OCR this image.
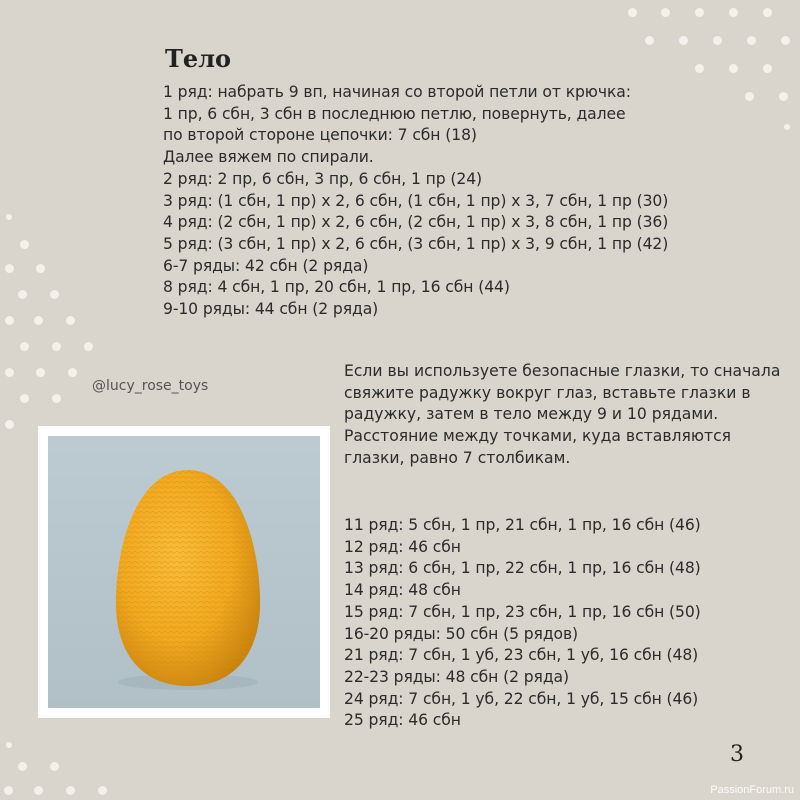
Тело
1 ряд: набрать 9 вп, начиная со второй петли от крючка:
1 пр, 6 сбн, 3 сбн в последнюю петлю, повернуть, далее
по второй стороне цепочки: 7 сбн (18)
Далее вяжем по спирали.
2 ряд: 2 пр, 6 сбн, 3 пр, 6 сбн, 1 пр (24)
3 ряд: (1 сбн, 1 пр) х 2, 6 сбн, (1 сбн, 1 пр) х 3, 7 сбн, 1 пр (30)
4 ряд: (2 сбн, 1 пр) х 2, 6 сбн, (2 сбн, 1 пр) х 3, 8 сбн, 1 пр (36)
5 ряд: (3 сбн, 1 пр) х 2, 6 сбн, (3 сбн, 1 пр) х 3, 9 сбн, 1 пр (42)
6-7 ряды: 42 сбн (2 ряда)
8 ряд: 4 сбн, 1 пр, 20 сбн, 1 пр, 16 сбн (44)
9-10 ряды: 44 сбн (2 ряда)
@lucy_rose_toys
Если вы используете безопасные глазки, то сначала свяжите радужку вокруг глаз, вставьте глазки в радужку, затем в тело между 9 и 10 рядами. Расстояние между точками, куда вставляются глазки, равно 7 столбикам.
11 ряд: 5 сбн, 1 пр, 21 сбн, 1 пр, 16 сбн (46)
12 ряд: 46 сбн
13 ряд: 6 сбн, 1 пр, 22 сбн, 1 пр, 16 сбн (48)
14 ряд: 48 сбн
15 ряд: 7 сбн, 1 пр, 23 сбн, 1 пр, 16 сбн (50)
16-20 ряды: 50 сбн (5 рядов)
21 ряд: 7 сбн, 1 уб, 23 сбн, 1 уб, 16 сбн (48)
22-23 ряды: 48 сбн (2 ряда)
24 ряд: 7 сбн, 1 уб, 22 сбн, 1 уб, 15 сбн (46)
25 ряд: 46 сбн
3
PassionForum.ru
